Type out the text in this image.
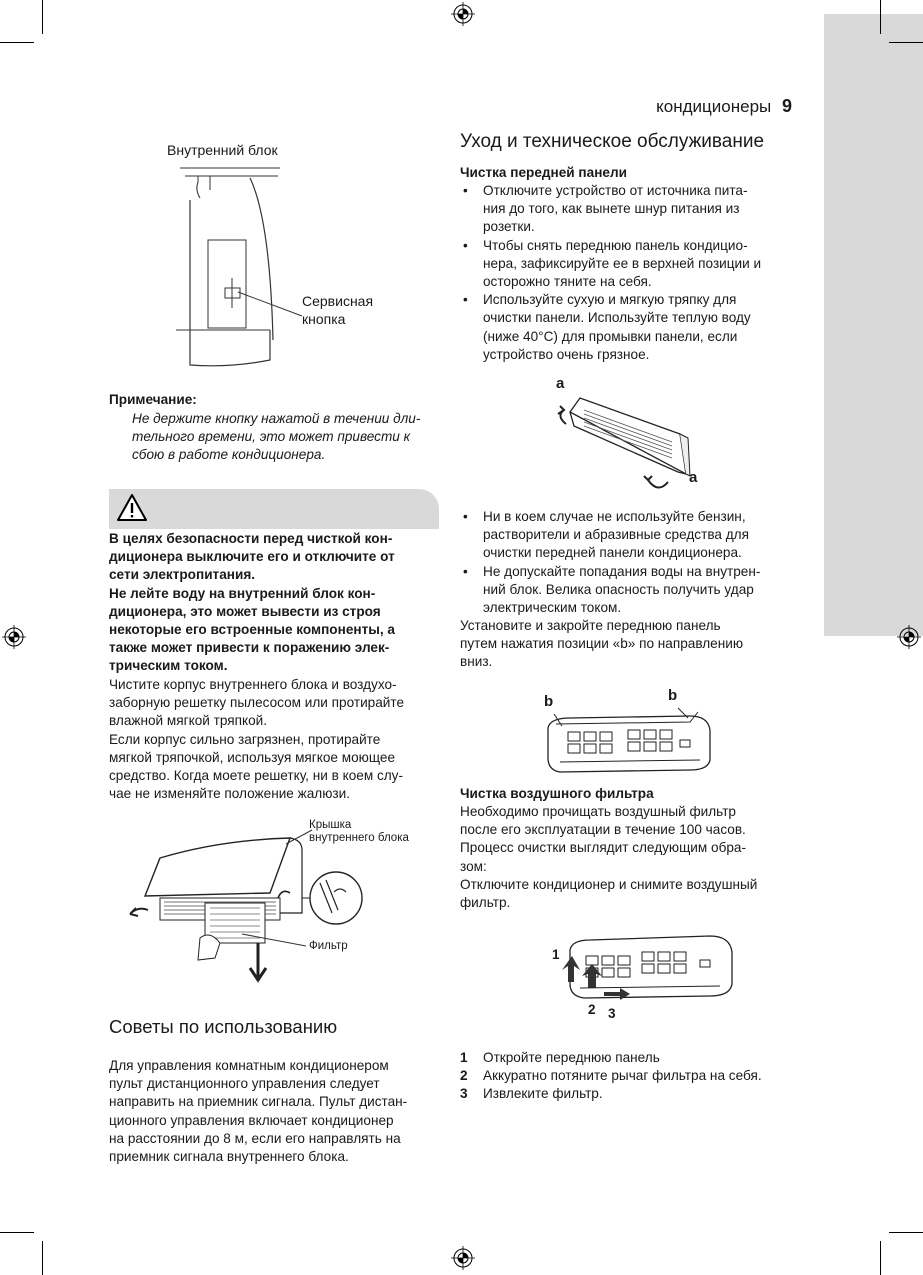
кондиционеры 9
Внутренний блок
Сервисная
кнопка
Примечание:
Не держите кнопку нажатой в течении дли-
тельного времени, это может привести к
сбою в работе кондиционера.
В целях безопасности перед чисткой кон-
диционера выключите его и отключите от
сети электропитания.
Не лейте воду на внутренний блок кон-
диционера, это может вывести из строя
некоторые его встроенные компоненты, а
также может привести к поражению элек-
трическим током.
Чистите корпус внутреннего блока и воздухо-
заборную решетку пылесосом или протирайте
влажной мягкой тряпкой.
Если корпус сильно загрязнен, протирайте
мягкой тряпочкой, используя мягкое моющее
средство. Когда моете решетку, ни в коем слу-
чае не изменяйте положение жалюзи.
Крышка
внутреннего блока
Фильтр
Советы по использованию
Для управления комнатным кондиционером
пульт дистанционного управления следует
направить на приемник сигнала. Пульт дистан-
ционного управления включает кондиционер
на расстоянии до 8 м, если его направлять на
приемник сигнала внутреннего блока.
Уход и техническое обслуживание
Чистка передней панели
• Отключите устройство от источника пита-
ния до того, как вынете шнур питания из
розетки.
• Чтобы снять переднюю панель кондицио-
нера, зафиксируйте ее в верхней позиции и
осторожно тяните на себя.
• Используйте сухую и мягкую тряпку для
очистки панели. Используйте теплую воду
(ниже 40°C) для промывки панели, если
устройство очень грязное.
a
a
• Ни в коем случае не используйте бензин,
растворители и абразивные средства для
очистки передней панели кондиционера.
• Не допускайте попадания воды на внутрен-
ний блок. Велика опасность получить удар
электрическим током.
Установите и закройте переднюю панель
путем нажатия позиции «b» по направлению
вниз.
b	b
Чистка воздушного фильтра
Необходимо прочищать воздушный фильтр
после его эксплуатации в течение 100 часов.
Процесс очистки выглядит следующим обра-
зом:
Отключите кондиционер и снимите воздушный
фильтр.
1
2 3
1 Откройте переднюю панель
2 Аккуратно потяните рычаг фильтра на себя.
3 Извлеките фильтр.
